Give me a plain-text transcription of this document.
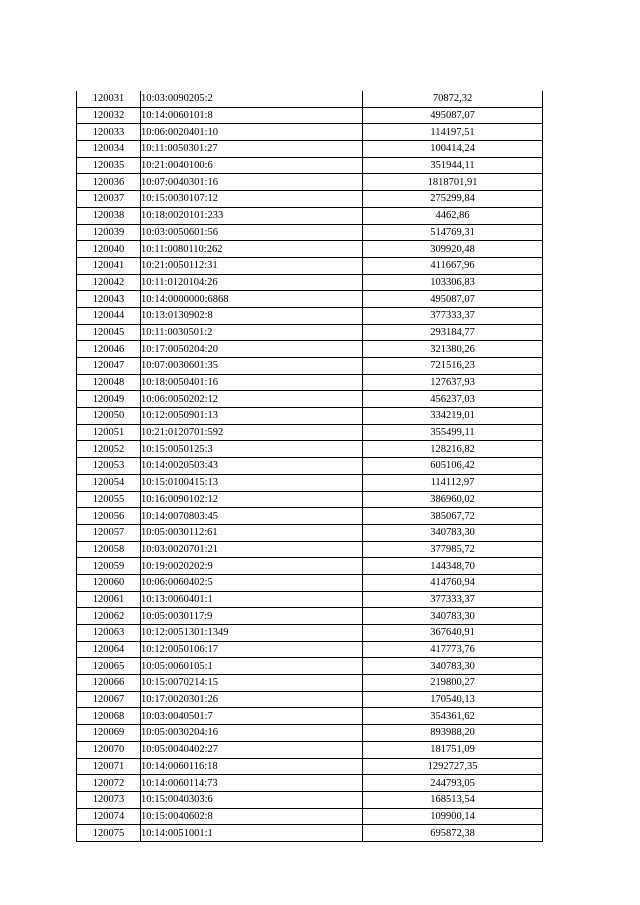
120031	10:03:0090205:2	70872,32
120032	10:14:0060101:8	495087,07
120033	10:06:0020401:10	114197,51
120034	10:11:0050301:27	100414,24
120035	10:21:0040100:6	351944,11
120036	10:07:0040301:16	1818701,91
120037	10:15:0030107:12	275299,84
120038	10:18:0020101:233	4462,86
120039	10:03:0050601:56	514769,31
120040	10:11:0080110:262	309920,48
120041	10:21:0050112:31	411667,96
120042	10:11:0120104:26	103306,83
120043	10:14:0000000:6868	495087,07
120044	10:13:0130902:8	377333,37
120045	10:11:0030501:2	293184,77
120046	10:17:0050204:20	321380,26
120047	10:07:0030601:35	721516,23
120048	10:18:0050401:16	127637,93
120049	10:06:0050202:12	456237,03
120050	10:12:0050901:13	334219,01
120051	10:21:0120701:592	355499,11
120052	10:15:0050125:3	128216,82
120053	10:14:0020503:43	605106,42
120054	10:15:0100415:13	114112,97
120055	10:16:0090102:12	386960,02
120056	10:14:0070803:45	385067,72
120057	10:05:0030112:61	340783,30
120058	10:03:0020701:21	377985,72
120059	10:19:0020202:9	144348,70
120060	10:06:0060402:5	414760,94
120061	10:13:0060401:1	377333,37
120062	10:05:0030117:9	340783,30
120063	10:12:0051301:1349	367640,91
120064	10:12:0050106:17	417773,76
120065	10:05:0060105:1	340783,30
120066	10:15:0070214:15	219800,27
120067	10:17:0020301:26	170540,13
120068	10:03:0040501:7	354361,62
120069	10:05:0030204:16	893988,20
120070	10:05:0040402:27	181751,09
120071	10:14:0060116:18	1292727,35
120072	10:14:0060114:73	244793,05
120073	10:15:0040303:6	168513,54
120074	10:15:0040602:8	109900,14
120075	10:14:0051001:1	695872,38
